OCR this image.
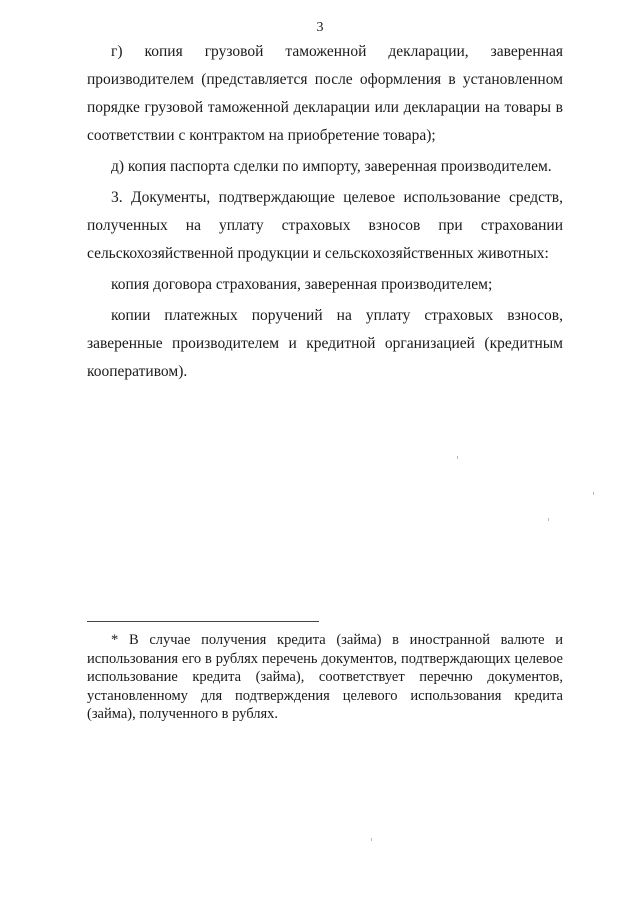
3

г) копия грузовой таможенной декларации, заверенная производителем (представляется после оформления в установленном порядке грузовой таможенной декларации или декларации на товары в соответствии с контрактом на приобретение товара);

д) копия паспорта сделки по импорту, заверенная производителем.

3. Документы, подтверждающие целевое использование средств, полученных на уплату страховых взносов при страховании сельскохозяйственной продукции и сельскохозяйственных животных:

копия договора страхования, заверенная производителем;

копии платежных поручений на уплату страховых взносов, заверенные производителем и кредитной организацией (кредитным кооперативом).

* В случае получения кредита (займа) в иностранной валюте и использования его в рублях перечень документов, подтверждающих целевое использование кредита (займа), соответствует перечню документов, установленному для подтверждения целевого использования кредита (займа), полученного в рублях.
